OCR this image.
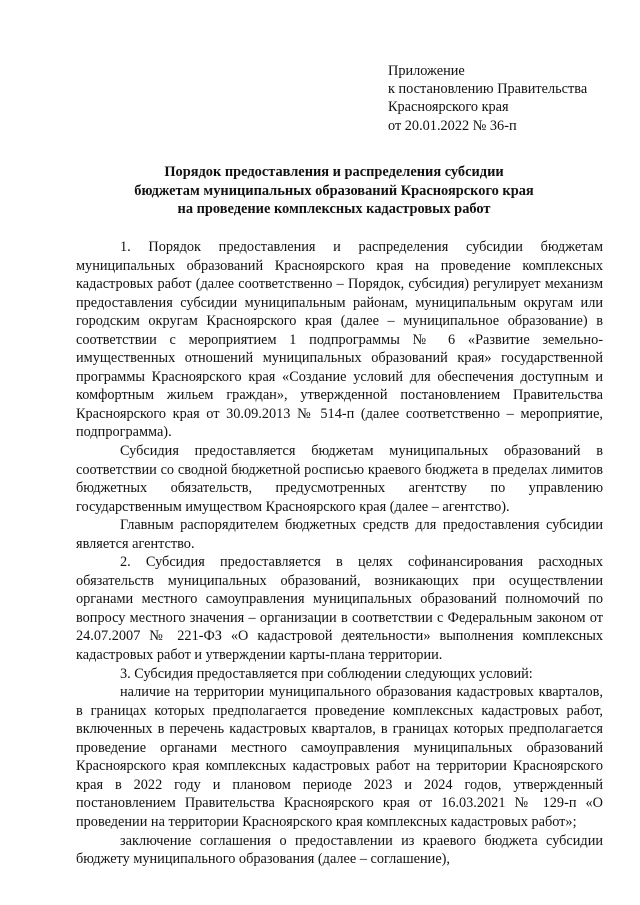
Приложение
к постановлению Правительства
Красноярского края
от 20.01.2022 № 36-п
Порядок предоставления и распределения субсидии
бюджетам муниципальных образований Красноярского края
на проведение комплексных кадастровых работ

1. Порядок предоставления и распределения субсидии бюджетам муниципальных образований Красноярского края на проведение комплексных кадастровых работ (далее соответственно – Порядок, субсидия) регулирует механизм предоставления субсидии муниципальным районам, муниципальным округам или городским округам Красноярского края (далее – муниципальное образование) в соответствии с мероприятием 1 подпрограммы № 6 «Развитие земельно-имущественных отношений муниципальных образований края» государственной программы Красноярского края «Создание условий для обеспечения доступным и комфортным жильем граждан», утвержденной постановлением Правительства Красноярского края от 30.09.2013 № 514-п (далее соответственно – мероприятие, подпрограмма).

Субсидия предоставляется бюджетам муниципальных образований в соответствии со сводной бюджетной росписью краевого бюджета в пределах лимитов бюджетных обязательств, предусмотренных агентству по управлению государственным имуществом Красноярского края (далее – агентство).

Главным распорядителем бюджетных средств для предоставления субсидии является агентство.

2. Субсидия предоставляется в целях софинансирования расходных обязательств муниципальных образований, возникающих при осуществлении органами местного самоуправления муниципальных образований полномочий по вопросу местного значения – организации в соответствии с Федеральным законом от 24.07.2007 № 221-ФЗ «О кадастровой деятельности» выполнения комплексных кадастровых работ и утверждении карты-плана территории.

3. Субсидия предоставляется при соблюдении следующих условий:

наличие на территории муниципального образования кадастровых кварталов, в границах которых предполагается проведение комплексных кадастровых работ, включенных в перечень кадастровых кварталов, в границах которых предполагается проведение органами местного самоуправления муниципальных образований Красноярского края комплексных кадастровых работ на территории Красноярского края в 2022 году и плановом периоде 2023 и 2024 годов, утвержденный постановлением Правительства Красноярского края от 16.03.2021 № 129-п «О проведении на территории Красноярского края комплексных кадастровых работ»;

заключение соглашения о предоставлении из краевого бюджета субсидии бюджету муниципального образования (далее – соглашение),
